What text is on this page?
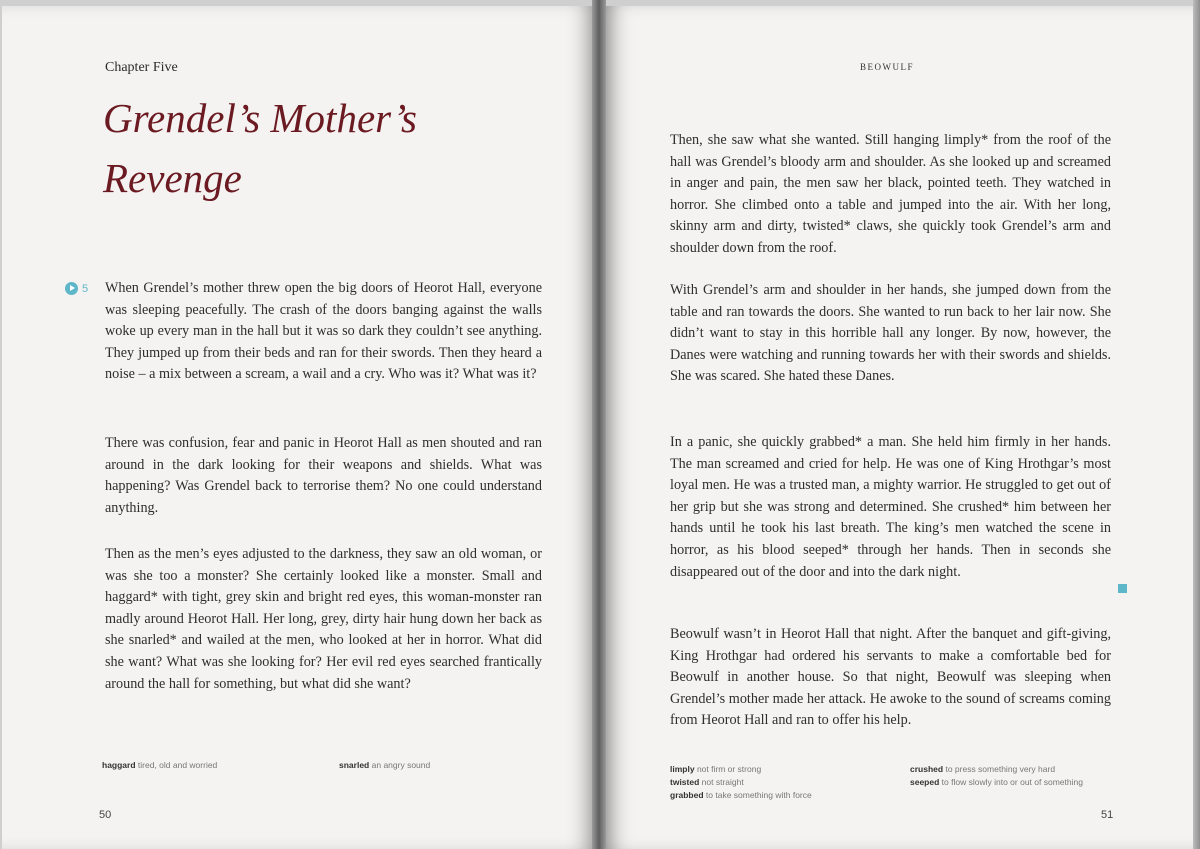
Chapter Five
Grendel’s Mother’s Revenge
5 When Grendel’s mother threw open the big doors of Heorot Hall, everyone was sleeping peacefully. The crash of the doors banging against the walls woke up every man in the hall but it was so dark they couldn’t see anything. They jumped up from their beds and ran for their swords. Then they heard a noise – a mix between a scream, a wail and a cry. Who was it? What was it?

There was confusion, fear and panic in Heorot Hall as men shouted and ran around in the dark looking for their weapons and shields. What was happening? Was Grendel back to terrorise them? No one could understand anything.

Then as the men’s eyes adjusted to the darkness, they saw an old woman, or was she too a monster? She certainly looked like a monster. Small and haggard* with tight, grey skin and bright red eyes, this woman-monster ran madly around Heorot Hall. Her long, grey, dirty hair hung down her back as she snarled* and wailed at the men, who looked at her in horror. What did she want? What was she looking for? Her evil red eyes searched frantically around the hall for something, but what did she want?

haggard tired, old and worried	snarled an angry sound
50
BEOWULF

Then, she saw what she wanted. Still hanging limply* from the roof of the hall was Grendel’s bloody arm and shoulder. As she looked up and screamed in anger and pain, the men saw her black, pointed teeth. They watched in horror. She climbed onto a table and jumped into the air. With her long, skinny arm and dirty, twisted* claws, she quickly took Grendel’s arm and shoulder down from the roof.

With Grendel’s arm and shoulder in her hands, she jumped down from the table and ran towards the doors. She wanted to run back to her lair now. She didn’t want to stay in this horrible hall any longer. By now, however, the Danes were watching and running towards her with their swords and shields. She was scared. She hated these Danes.

In a panic, she quickly grabbed* a man. She held him firmly in her hands. The man screamed and cried for help. He was one of King Hrothgar’s most loyal men. He was a trusted man, a mighty warrior. He struggled to get out of her grip but she was strong and determined. She crushed* him between her hands until he took his last breath. The king’s men watched the scene in horror, as his blood seeped* through her hands. Then in seconds she disappeared out of the door and into the dark night.

Beowulf wasn’t in Heorot Hall that night. After the banquet and gift-giving, King Hrothgar had ordered his servants to make a comfortable bed for Beowulf in another house. So that night, Beowulf was sleeping when Grendel’s mother made her attack. He awoke to the sound of screams coming from Heorot Hall and ran to offer his help.

limply not firm or strong
twisted not straight
grabbed to take something with force
crushed to press something very hard
seeped to flow slowly into or out of something
51
